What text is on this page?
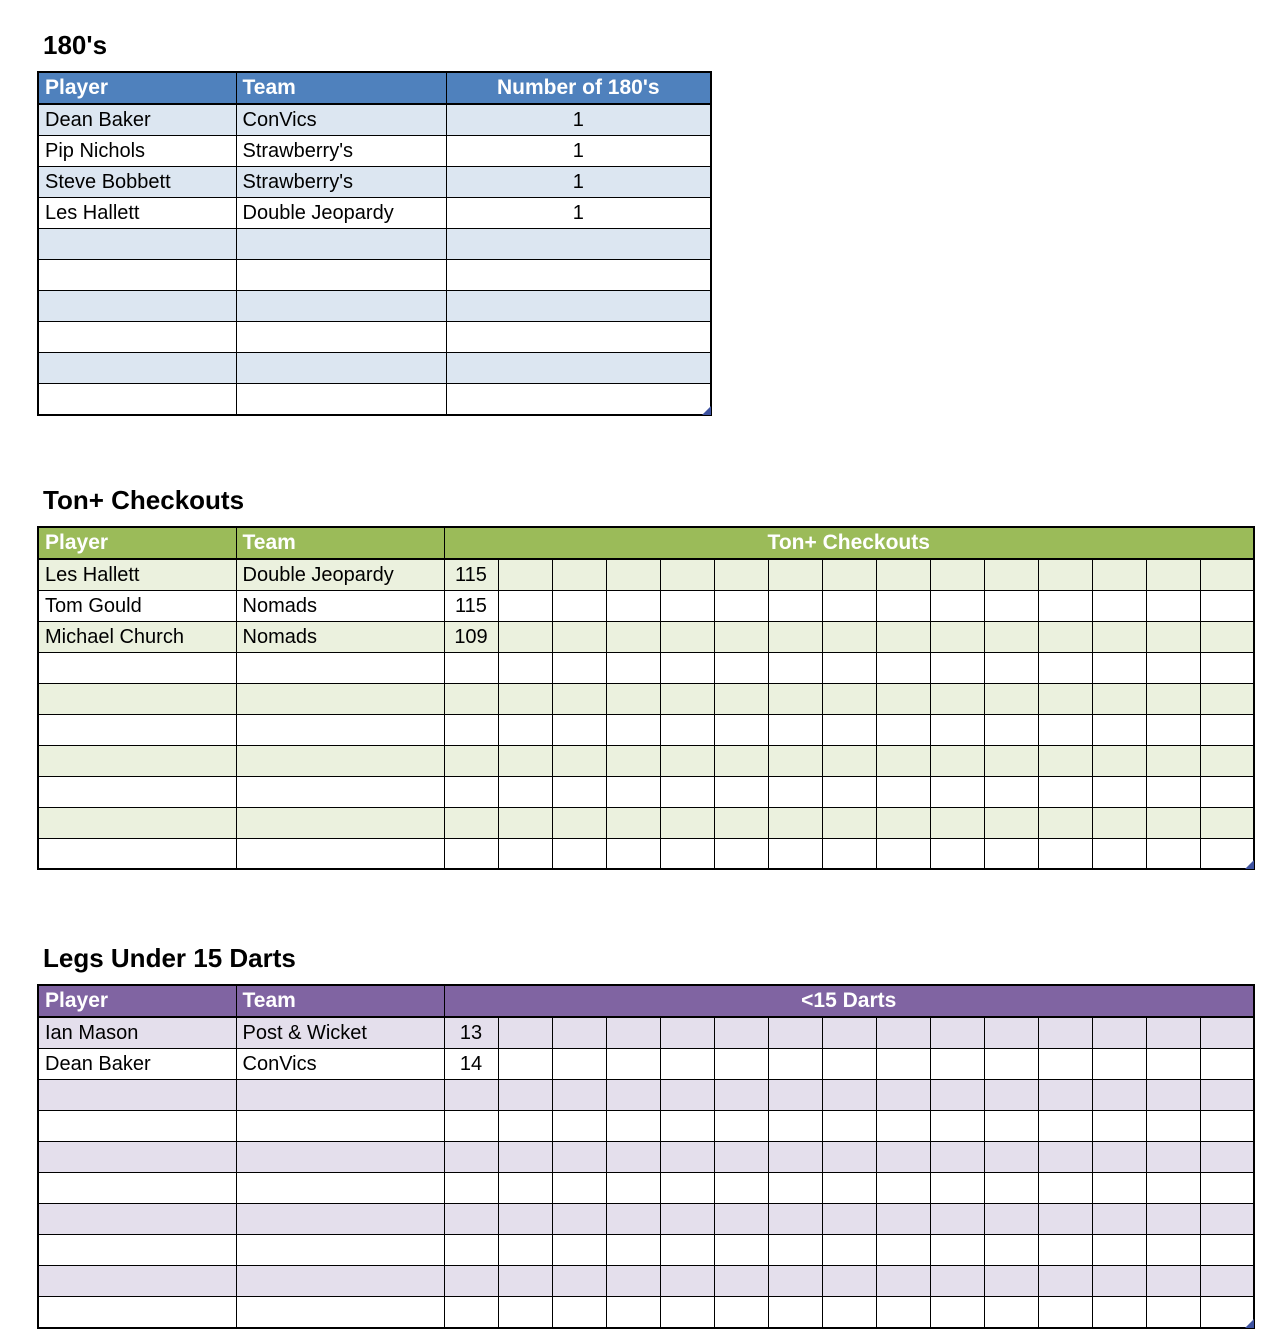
180's
Player	Team	Number of 180's
Dean Baker	ConVics	1
Pip Nichols	Strawberry's	1
Steve Bobbett	Strawberry's	1
Les Hallett	Double Jeopardy	1

Ton+ Checkouts
Player	Team	Ton+ Checkouts														
Les Hallett	Double Jeopardy	115														
Tom Gould	Nomads	115														
Michael Church	Nomads	109														

Legs Under 15 Darts
Player	Team	<15 Darts														
Ian Mason	Post & Wicket	13														
Dean Baker	ConVics	14														
